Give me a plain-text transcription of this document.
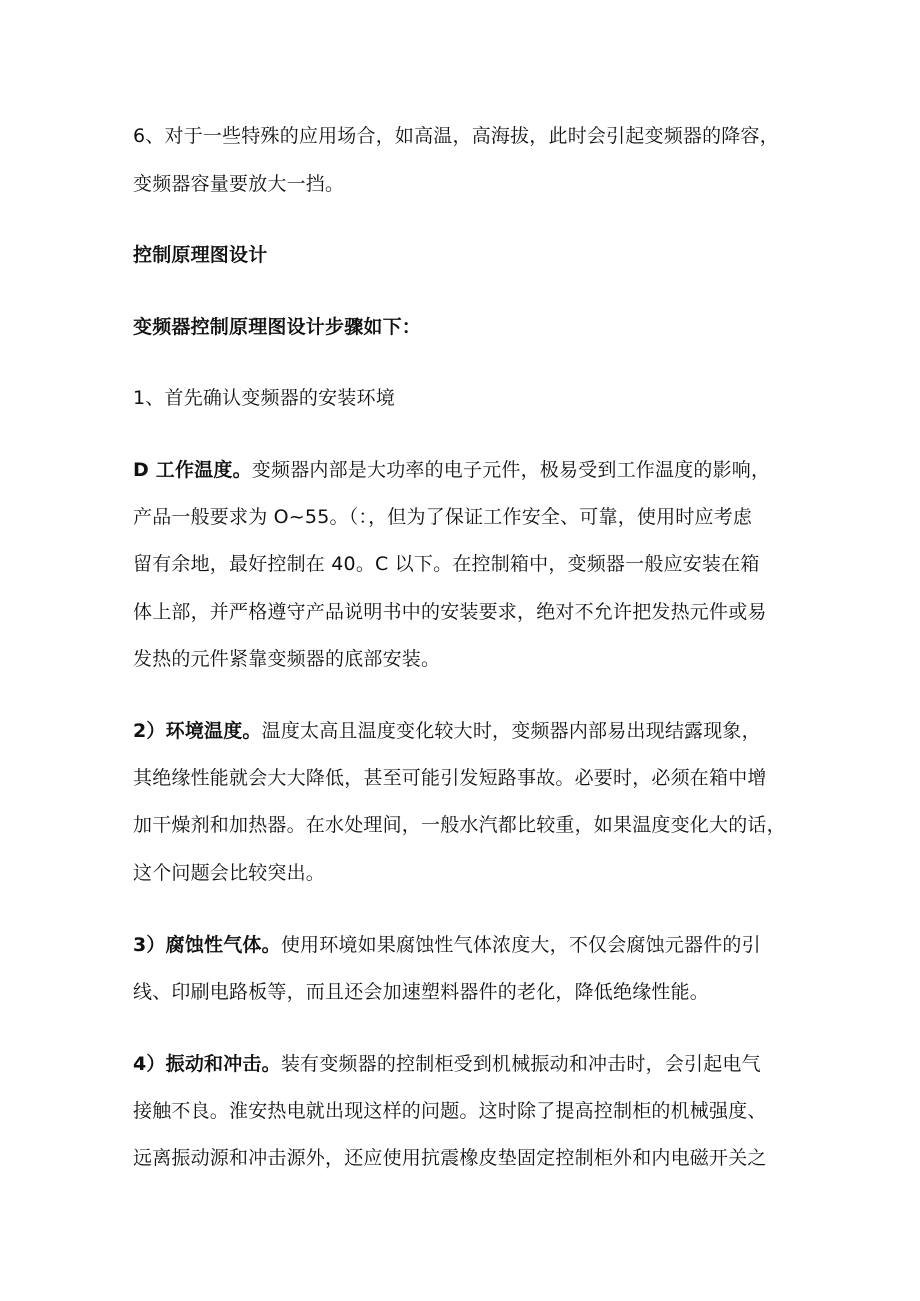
6、对于一些特殊的应用场合，如高温，高海拔，此时会引起变频器的降容，
变频器容量要放大一挡。
控制原理图设计
变频器控制原理图设计步骤如下：
1、首先确认变频器的安装环境
D 工作温度。变频器内部是大功率的电子元件，极易受到工作温度的影响，
产品一般要求为 O~55。（：，但为了保证工作安全、可靠，使用时应考虑
留有余地，最好控制在 40。C 以下。在控制箱中，变频器一般应安装在箱
体上部，并严格遵守产品说明书中的安装要求，绝对不允许把发热元件或易
发热的元件紧靠变频器的底部安装。
2）环境温度。温度太高且温度变化较大时，变频器内部易出现结露现象，
其绝缘性能就会大大降低，甚至可能引发短路事故。必要时，必须在箱中增
加干燥剂和加热器。在水处理间，一般水汽都比较重，如果温度变化大的话，
这个问题会比较突出。
3）腐蚀性气体。使用环境如果腐蚀性气体浓度大，不仅会腐蚀元器件的引
线、印刷电路板等，而且还会加速塑料器件的老化，降低绝缘性能。
4）振动和冲击。装有变频器的控制柜受到机械振动和冲击时，会引起电气
接触不良。淮安热电就出现这样的问题。这时除了提高控制柜的机械强度、
远离振动源和冲击源外，还应使用抗震橡皮垫固定控制柜外和内电磁开关之
